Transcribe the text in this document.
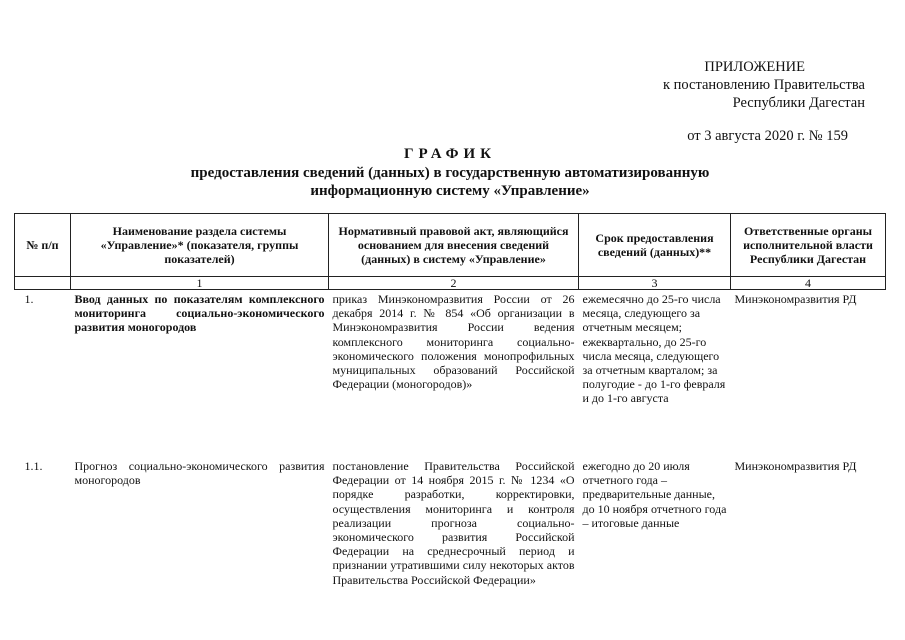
ПРИЛОЖЕНИЕ
к постановлению Правительства
Республики Дагестан
от 3 августа 2020 г. № 159
ГРАФИК
предоставления сведений (данных) в государственную автоматизированную
информационную систему «Управление»
№ п/п	Наименование раздела системы «Управление»* (показателя, группы показателей)	Нормативный правовой акт, являющийся основанием для внесения сведений (данных) в систему «Управление»	Срок предоставления сведений (данных)**	Ответственные органы исполнительной власти Республики Дагестан
	1	2	3	4
1.	Ввод данных по показателям комплексного мониторинга социально-экономического развития моногородов	приказ Минэкономразвития России от 26 декабря 2014 г. № 854 «Об организации в Минэкономразвития России ведения комплексного мониторинга социально-экономического положения монопрофильных муниципальных образований Российской Федерации (моногородов)»	ежемесячно до 25-го числа месяца, следующего за отчетным месяцем; ежеквартально, до 25-го числа месяца, следующего за отчетным кварталом; за полугодие - до 1-го февраля и до 1-го августа	Минэкономразвития РД
1.1.	Прогноз социально-экономического развития моногородов	постановление Правительства Российской Федерации от 14 ноября 2015 г. № 1234 «О порядке разработки, корректировки, осуществления мониторинга и контроля реализации прогноза социально-экономического развития Российской Федерации на среднесрочный период и признании утратившими силу некоторых актов Правительства Российской Федерации»	ежегодно до 20 июля отчетного года – предварительные данные, до 10 ноября отчетного года – итоговые данные	Минэкономразвития РД
